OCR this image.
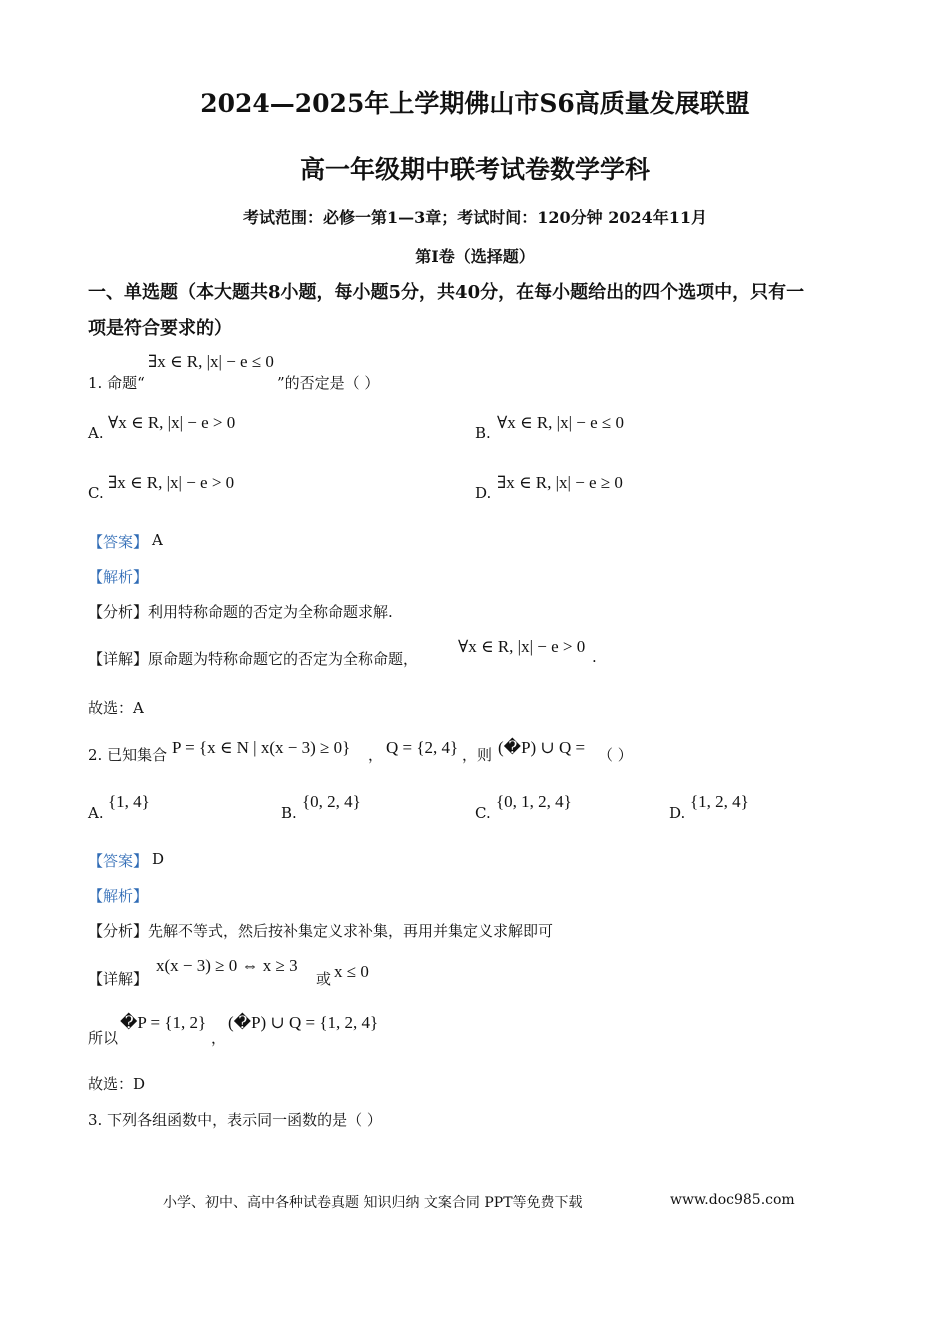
2024—2025年上学期佛山市S6高质量发展联盟
高一年级期中联考试卷数学学科
考试范围：必修一第1—3章；考试时间：120分钟 2024年11月
第I卷（选择题）
一、单选题（本大题共8小题，每小题5分，共40分，在每小题给出的四个选项中，只有一
项是符合要求的）
∃x ∈ R, |x| − e ≤ 0
1. 命题“	”的否定是（ ）
A.
∀x ∈ R, |x| − e > 0
B.
∀x ∈ R, |x| − e ≤ 0
C.
∃x ∈ R, |x| − e > 0
D.
∃x ∈ R, |x| − e ≥ 0
【答案】 A
【解析】
【分析】利用特称命题的否定为全称命题求解.
【详解】原命题为特称命题它的否定为全称命题，
∀x ∈ R, |x| − e > 0
.
故选：A
2. 已知集合 P = {x ∈ N | x(x − 3) ≥ 0} ， Q = {2, 4} ，则 (�P) ∪ Q = （ ）
A.
{1, 4}
B.
{0, 2, 4}
C.
{0, 1, 2, 4}
D.
{1, 2, 4}
【答案】 D
【解析】
【分析】先解不等式，然后按补集定义求补集，再用并集定义求解即可
【详解】
x(x − 3) ≥ 0 ⇔ x ≥ 3
或 x ≤ 0
所以
�P = {1, 2}
，
(�P) ∪ Q = {1, 2, 4}
故选：D
3. 下列各组函数中，表示同一函数的是（ ）
小学、初中、高中各种试卷真题 知识归纳 文案合同 PPT等免费下载	www.doc985.com
